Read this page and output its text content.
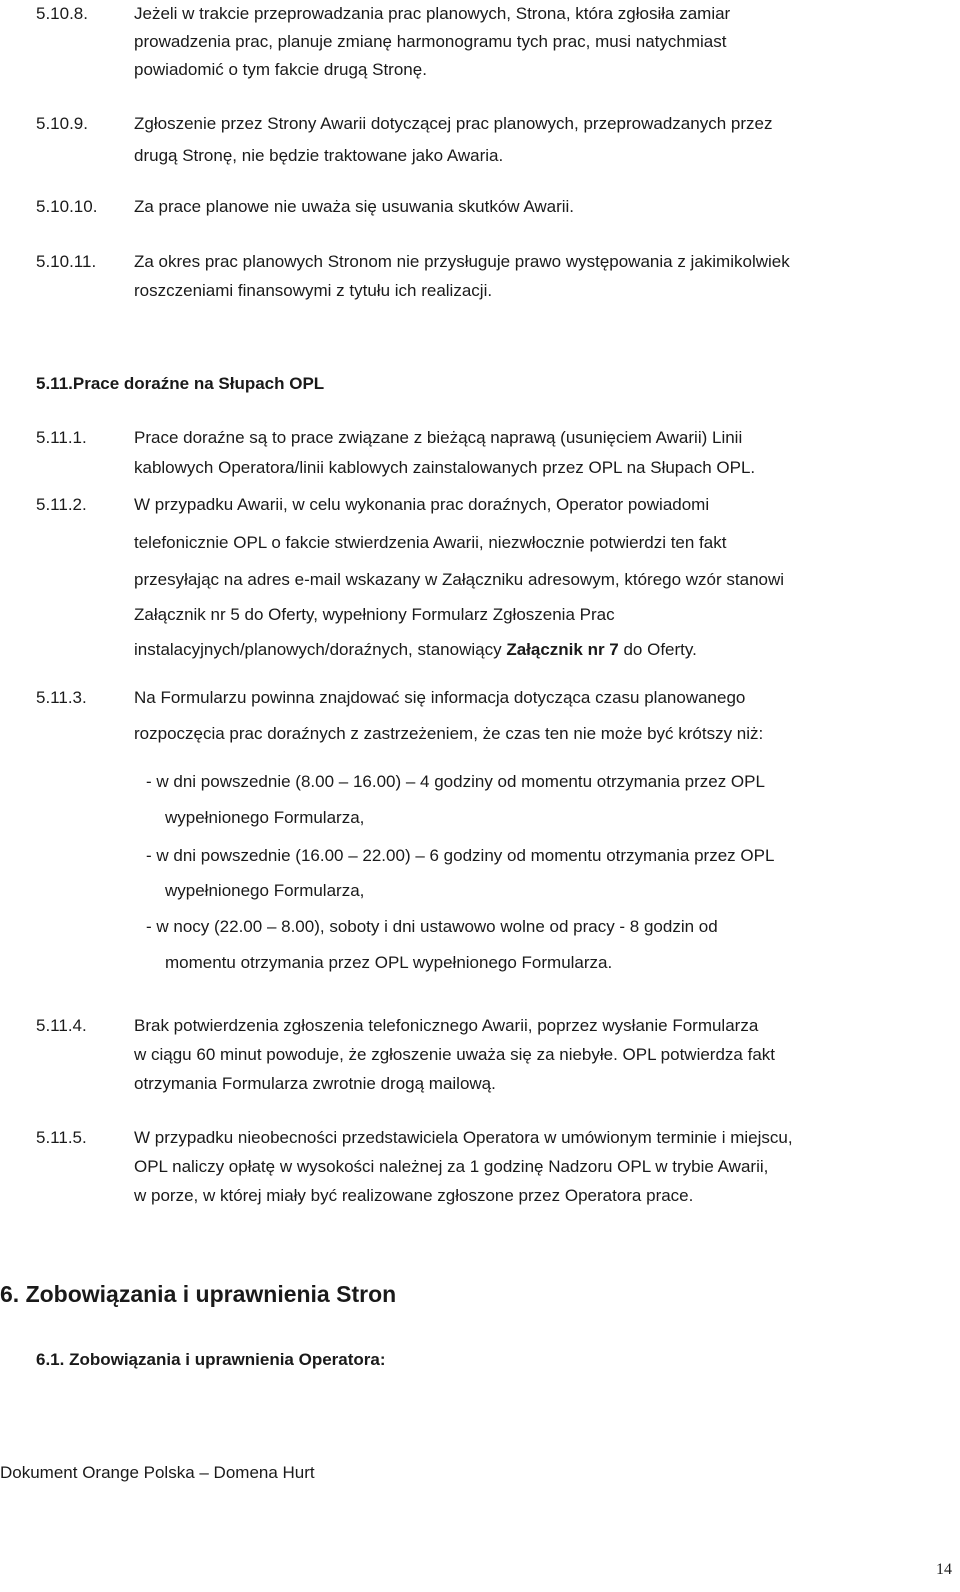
5.10.8.	Jeżeli w trakcie przeprowadzania prac planowych, Strona, która zgłosiła zamiar
prowadzenia prac, planuje zmianę harmonogramu tych prac, musi natychmiast
powiadomić o tym fakcie drugą Stronę.
5.10.9.	Zgłoszenie przez Strony Awarii dotyczącej prac planowych, przeprowadzanych przez
drugą Stronę, nie będzie traktowane jako Awaria.
5.10.10. Za prace planowe nie uważa się usuwania skutków Awarii.
5.10.11. Za okres prac planowych Stronom nie przysługuje prawo występowania z jakimikolwiek
roszczeniami finansowymi z tytułu ich realizacji.
5.11.Prace doraźne na Słupach OPL
5.11.1.	Prace doraźne są to prace związane z bieżącą naprawą (usunięciem Awarii) Linii
kablowych Operatora/linii kablowych zainstalowanych przez OPL na Słupach OPL.
5.11.2.	W przypadku Awarii, w celu wykonania prac doraźnych, Operator powiadomi
telefonicznie OPL o fakcie stwierdzenia Awarii, niezwłocznie potwierdzi ten fakt
przesyłając na adres e-mail wskazany w Załączniku adresowym, którego wzór stanowi
Załącznik nr 5 do Oferty, wypełniony Formularz Zgłoszenia Prac
instalacyjnych/planowych/doraźnych, stanowiący Załącznik nr 7 do Oferty.
5.11.3.	Na Formularzu powinna znajdować się informacja dotycząca czasu planowanego
rozpoczęcia prac doraźnych z zastrzeżeniem, że czas ten nie może być krótszy niż:
- w dni powszednie (8.00 – 16.00) – 4 godziny od momentu otrzymania przez OPL
wypełnionego Formularza,
- w dni powszednie (16.00 – 22.00) – 6 godziny od momentu otrzymania przez OPL
wypełnionego Formularza,
- w nocy (22.00 – 8.00), soboty i dni ustawowo wolne od pracy - 8 godzin od
momentu otrzymania przez OPL wypełnionego Formularza.
5.11.4.	Brak potwierdzenia zgłoszenia telefonicznego Awarii, poprzez wysłanie Formularza
w ciągu 60 minut powoduje, że zgłoszenie uważa się za niebyłe. OPL potwierdza fakt
otrzymania Formularza zwrotnie drogą mailową.
5.11.5.	W przypadku nieobecności przedstawiciela Operatora w umówionym terminie i miejscu,
OPL naliczy opłatę w wysokości należnej za 1 godzinę Nadzoru OPL w trybie Awarii,
w porze, w której miały być realizowane zgłoszone przez Operatora prace.
6. Zobowiązania i uprawnienia Stron
6.1. Zobowiązania i uprawnienia Operatora:
Dokument Orange Polska – Domena Hurt
14
